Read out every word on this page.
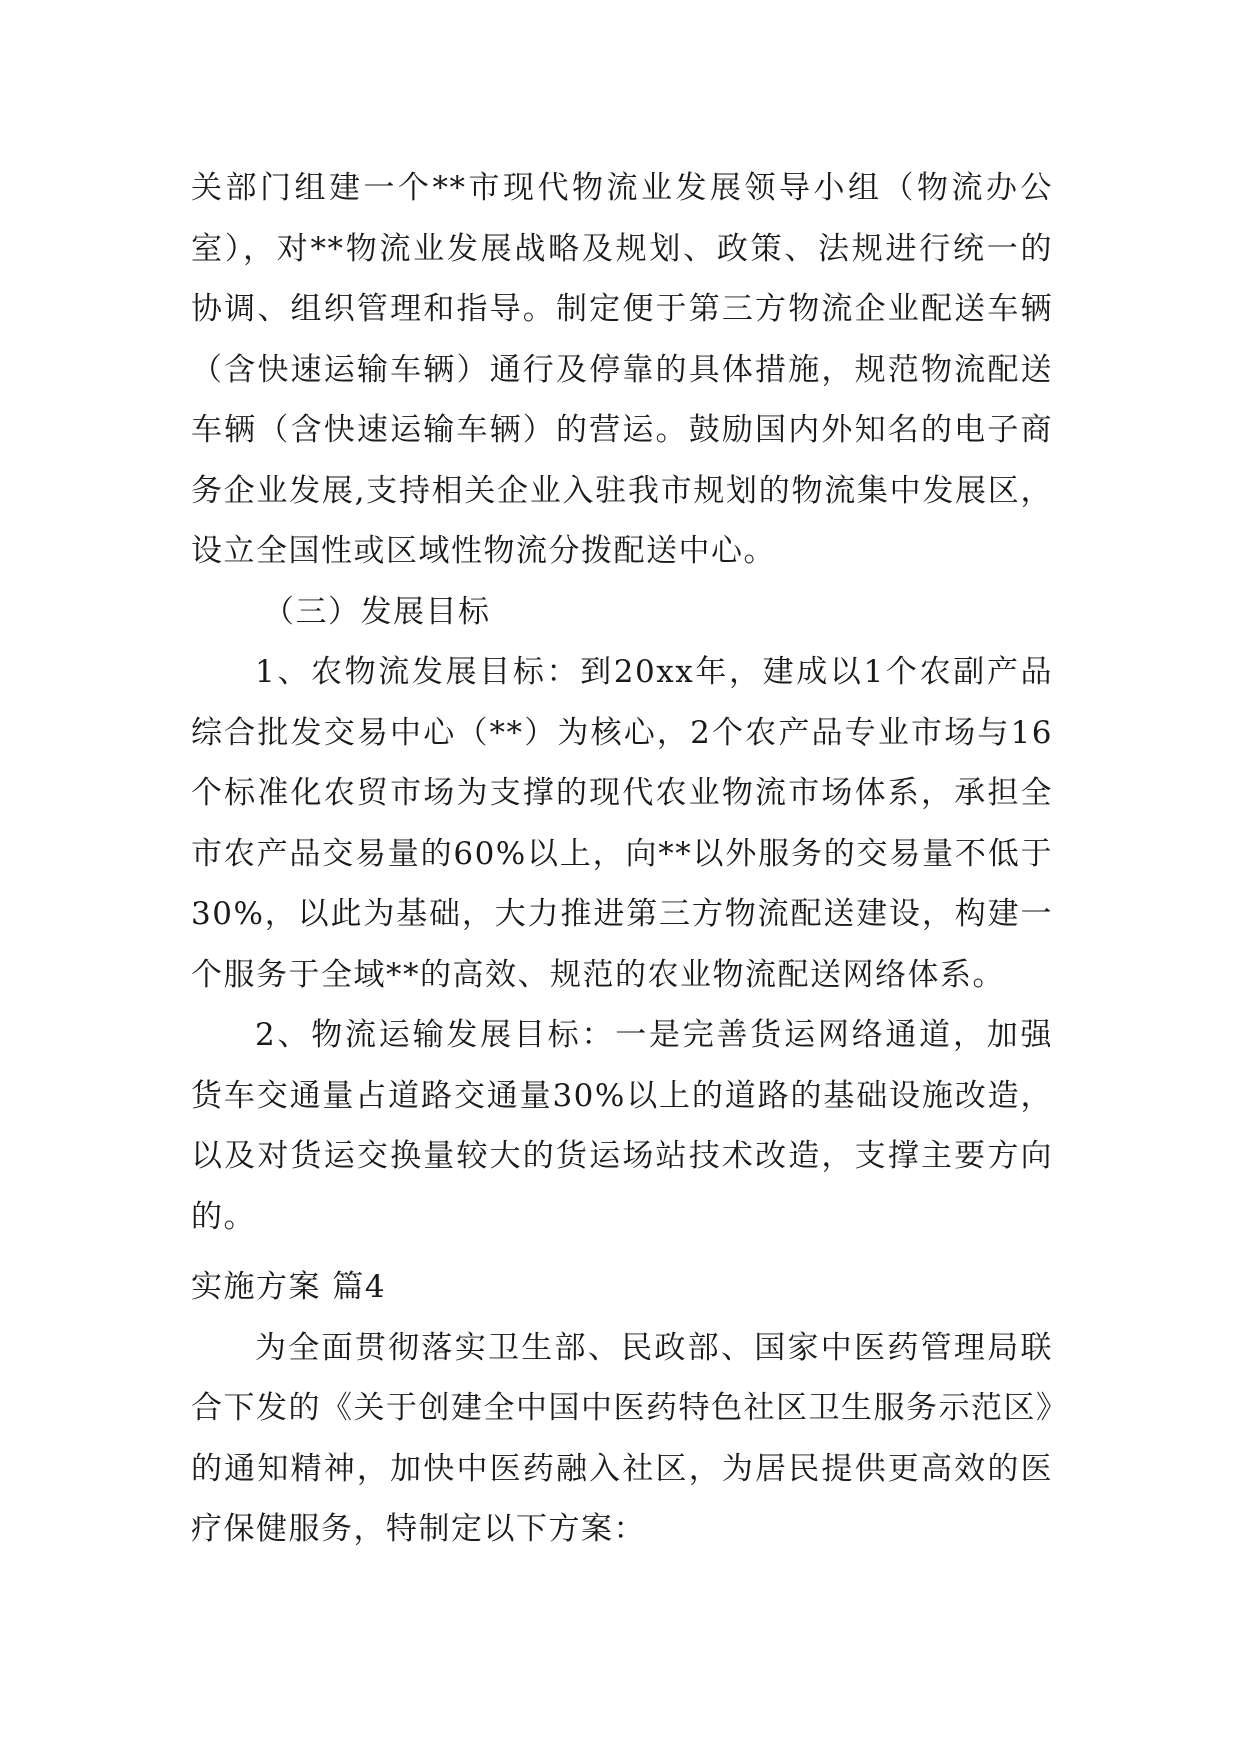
关部门组建一个**市现代物流业发展领导小组（物流办公室），对**物流业发展战略及规划、政策、法规进行统一的协调、组织管理和指导。制定便于第三方物流企业配送车辆（含快速运输车辆）通行及停靠的具体措施，规范物流配送车辆（含快速运输车辆）的营运。鼓励国内外知名的电子商务企业发展,支持相关企业入驻我市规划的物流集中发展区，设立全国性或区域性物流分拨配送中心。

（三）发展目标

1、农物流发展目标：到20xx年，建成以1个农副产品综合批发交易中心（**）为核心，2个农产品专业市场与16个标准化农贸市场为支撑的现代农业物流市场体系，承担全市农产品交易量的60%以上，向**以外服务的交易量不低于30%，以此为基础，大力推进第三方物流配送建设，构建一个服务于全域**的高效、规范的农业物流配送网络体系。

2、物流运输发展目标：一是完善货运网络通道，加强货车交通量占道路交通量30%以上的道路的基础设施改造，以及对货运交换量较大的货运场站技术改造，支撑主要方向的。

实施方案 篇4

为全面贯彻落实卫生部、民政部、国家中医药管理局联合下发的《关于创建全中国中医药特色社区卫生服务示范区》的通知精神，加快中医药融入社区，为居民提供更高效的医疗保健服务，特制定以下方案：
